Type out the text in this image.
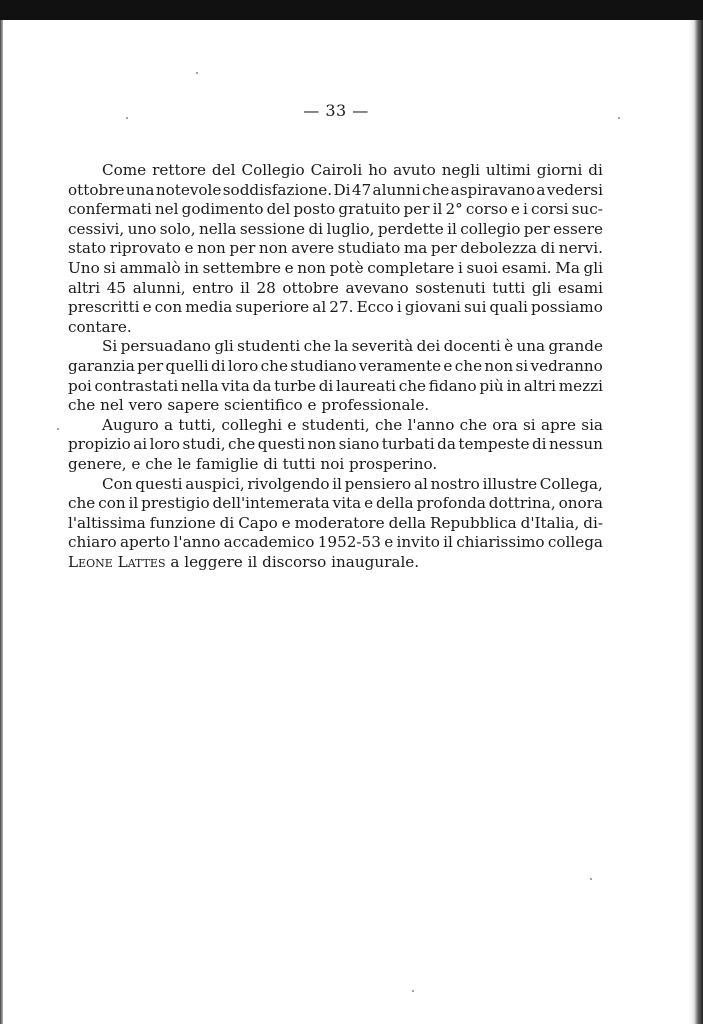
— 33 —
Come rettore del Collegio Cairoli ho avuto negli ultimi giorni di
ottobre una notevole soddisfazione. Di 47 alunni che aspiravano a vedersi
confermati nel godimento del posto gratuito per il 2° corso e i corsi suc-
cessivi, uno solo, nella sessione di luglio, perdette il collegio per essere
stato riprovato e non per non avere studiato ma per debolezza di nervi.
Uno si ammalò in settembre e non potè completare i suoi esami. Ma gli
altri 45 alunni, entro il 28 ottobre avevano sostenuti tutti gli esami
prescritti e con media superiore al 27. Ecco i giovani sui quali possiamo
contare.
Si persuadano gli studenti che la severità dei docenti è una grande
garanzia per quelli di loro che studiano veramente e che non si vedranno
poi contrastati nella vita da turbe di laureati che fidano più in altri mezzi
che nel vero sapere scientifico e professionale.
Auguro a tutti, colleghi e studenti, che l'anno che ora si apre sia
propizio ai loro studi, che questi non siano turbati da tempeste di nessun
genere, e che le famiglie di tutti noi prosperino.
Con questi auspici, rivolgendo il pensiero al nostro illustre Collega,
che con il prestigio dell'intemerata vita e della profonda dottrina, onora
l'altissima funzione di Capo e moderatore della Repubblica d'Italia, di-
chiaro aperto l'anno accademico 1952-53 e invito il chiarissimo collega
Leone Lattes a leggere il discorso inaugurale.
